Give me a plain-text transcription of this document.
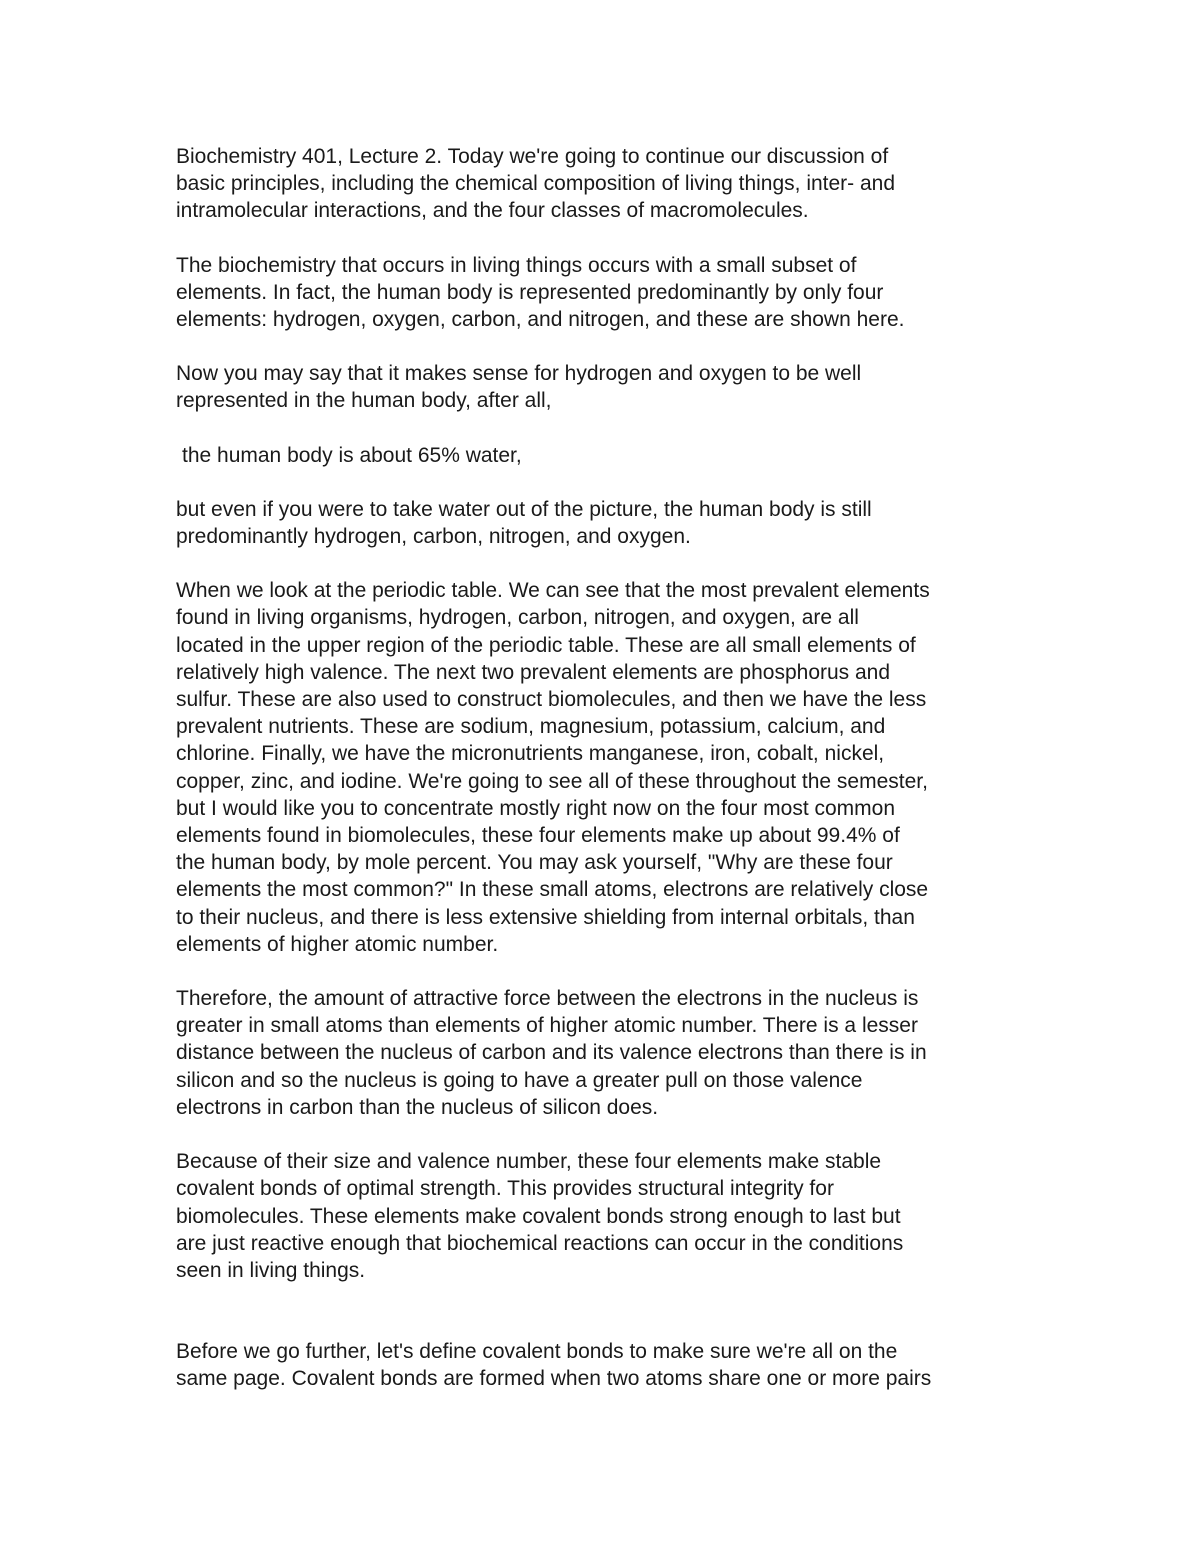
Biochemistry 401, Lecture 2. Today we're going to continue our discussion of
basic principles, including the chemical composition of living things, inter- and
intramolecular interactions, and the four classes of macromolecules.

The biochemistry that occurs in living things occurs with a small subset of
elements. In fact, the human body is represented predominantly by only four
elements: hydrogen, oxygen, carbon, and nitrogen, and these are shown here.

Now you may say that it makes sense for hydrogen and oxygen to be well
represented in the human body, after all,

the human body is about 65% water,

but even if you were to take water out of the picture, the human body is still
predominantly hydrogen, carbon, nitrogen, and oxygen.

When we look at the periodic table. We can see that the most prevalent elements
found in living organisms, hydrogen, carbon, nitrogen, and oxygen, are all
located in the upper region of the periodic table. These are all small elements of
relatively high valence. The next two prevalent elements are phosphorus and
sulfur. These are also used to construct biomolecules, and then we have the less
prevalent nutrients. These are sodium, magnesium, potassium, calcium, and
chlorine. Finally, we have the micronutrients manganese, iron, cobalt, nickel,
copper, zinc, and iodine. We're going to see all of these throughout the semester,
but I would like you to concentrate mostly right now on the four most common
elements found in biomolecules, these four elements make up about 99.4% of
the human body, by mole percent. You may ask yourself, "Why are these four
elements the most common?" In these small atoms, electrons are relatively close
to their nucleus, and there is less extensive shielding from internal orbitals, than
elements of higher atomic number.

Therefore, the amount of attractive force between the electrons in the nucleus is
greater in small atoms than elements of higher atomic number. There is a lesser
distance between the nucleus of carbon and its valence electrons than there is in
silicon and so the nucleus is going to have a greater pull on those valence
electrons in carbon than the nucleus of silicon does.

Because of their size and valence number, these four elements make stable
covalent bonds of optimal strength. This provides structural integrity for
biomolecules. These elements make covalent bonds strong enough to last but
are just reactive enough that biochemical reactions can occur in the conditions
seen in living things.

Before we go further, let's define covalent bonds to make sure we're all on the
same page. Covalent bonds are formed when two atoms share one or more pairs
